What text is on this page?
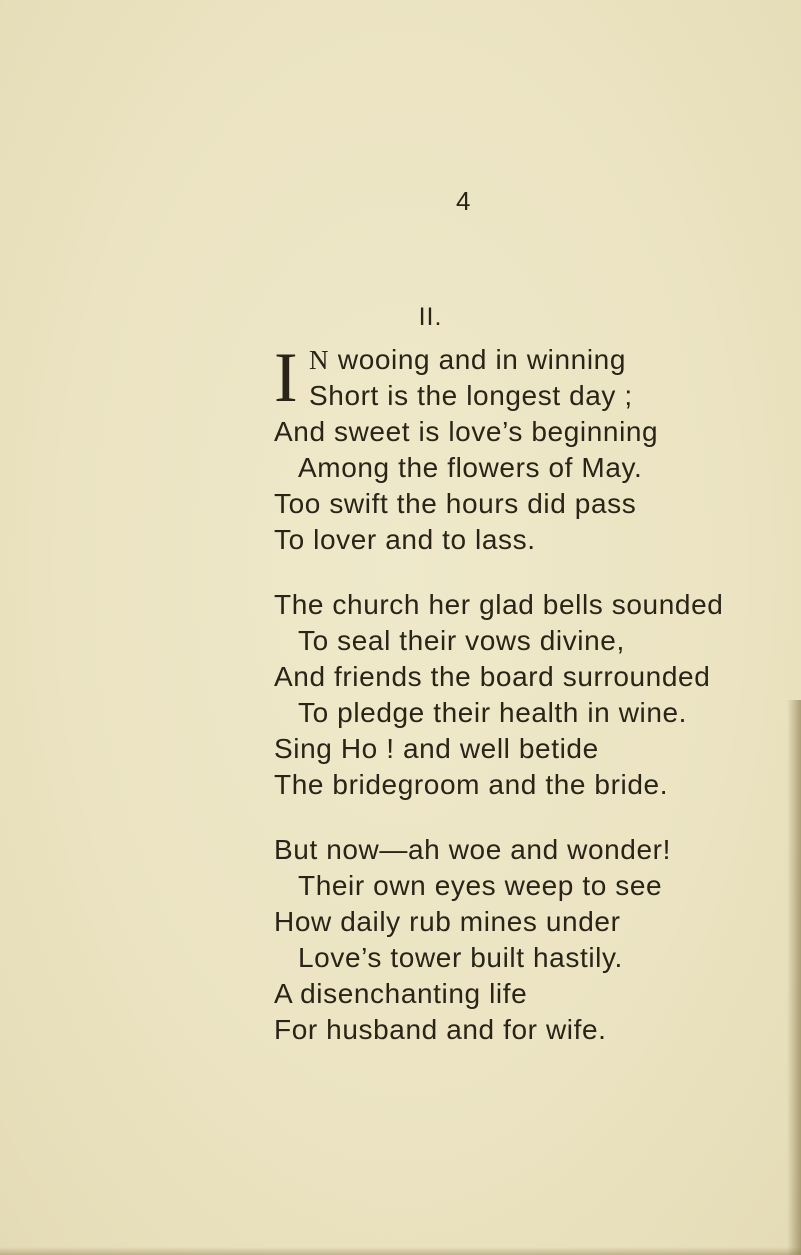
4
II.
I N wooing and in winning
Short is the longest day ;
And sweet is love’s beginning
Among the flowers of May.
Too swift the hours did pass
To lover and to lass.
The church her glad bells sounded
To seal their vows divine,
And friends the board surrounded
To pledge their health in wine.
Sing Ho ! and well betide
The bridegroom and the bride.
But now—ah woe and wonder!
Their own eyes weep to see
How daily rub mines under
Love’s tower built hastily.
A disenchanting life
For husband and for wife.
